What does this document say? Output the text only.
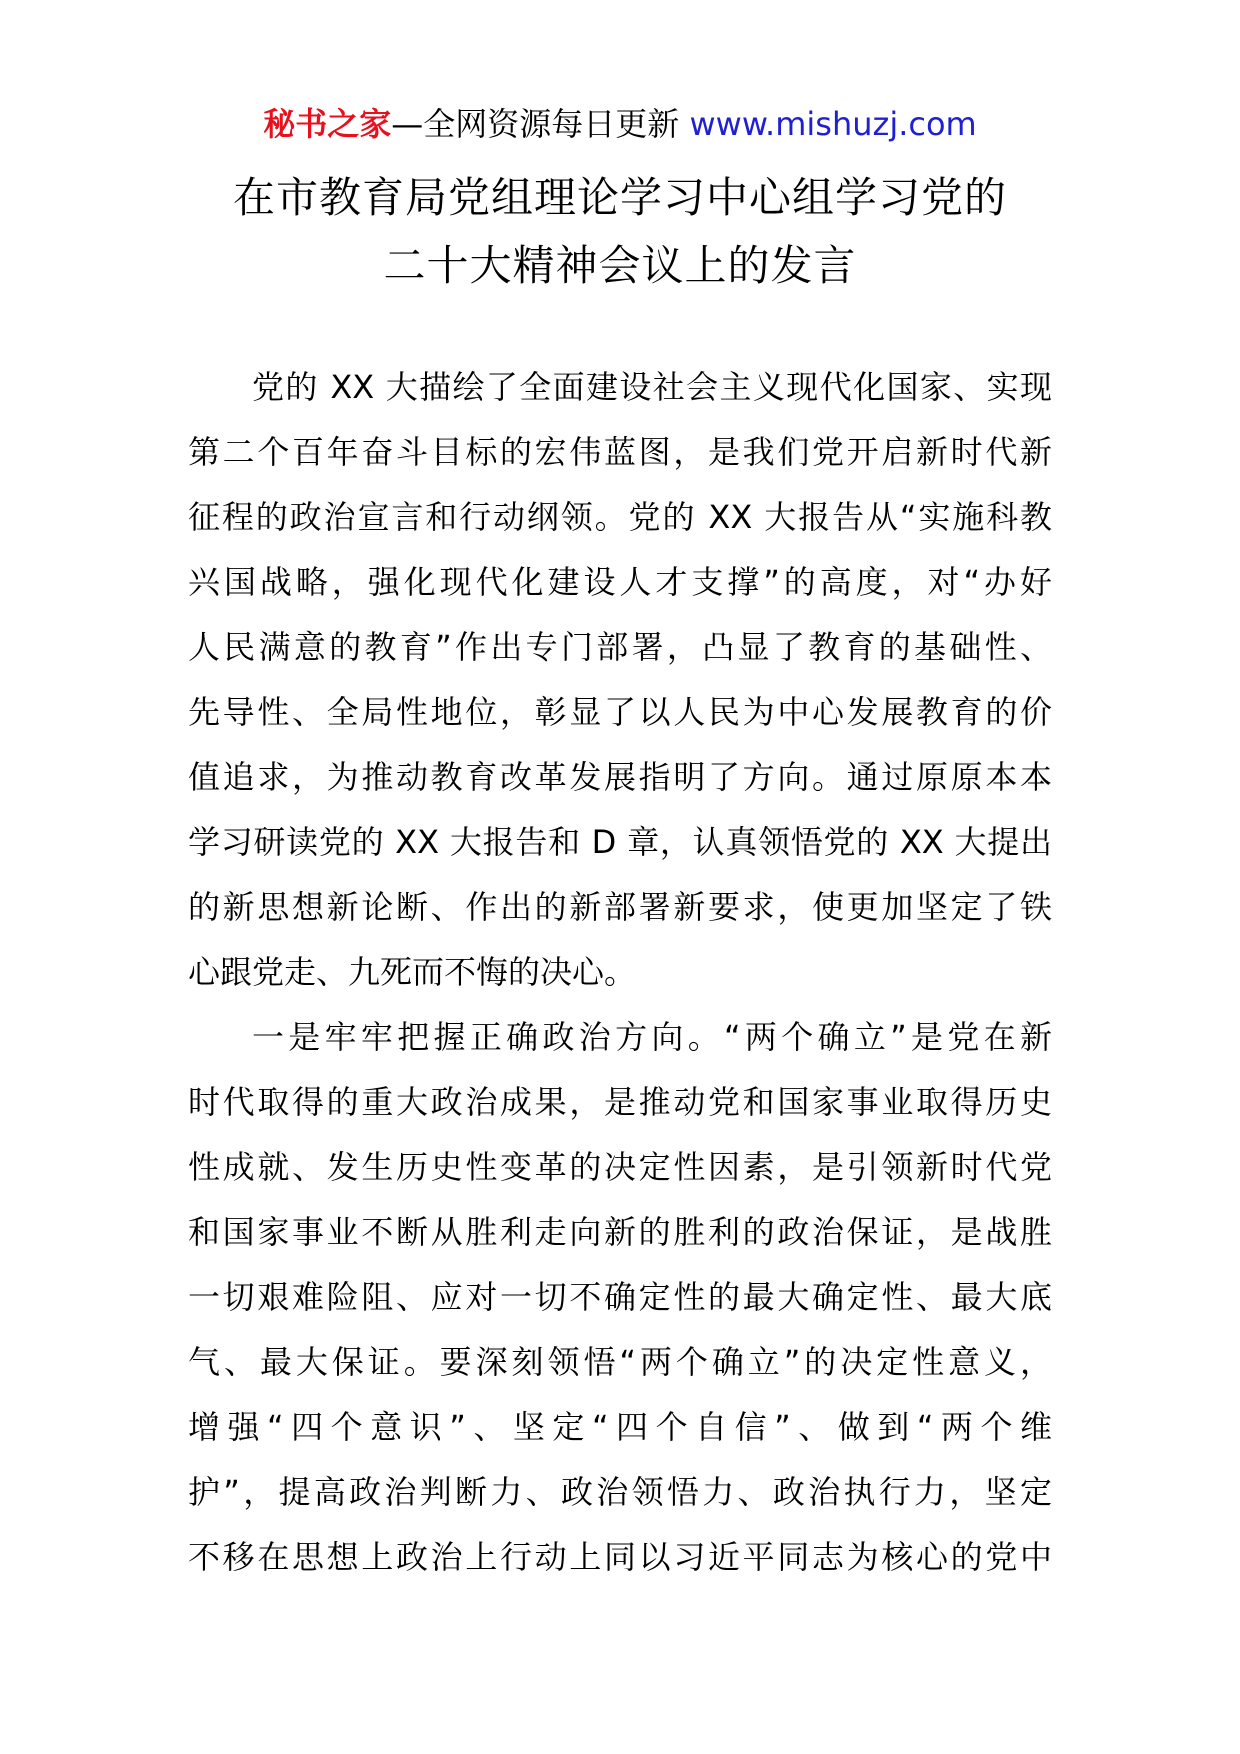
秘书之家—全网资源每日更新 www.mishuzj.com
在市教育局党组理论学习中心组学习党的
二十大精神会议上的发言
党的 XX 大描绘了全面建设社会主义现代化国家、实现
第二个百年奋斗目标的宏伟蓝图，是我们党开启新时代新
征程的政治宣言和行动纲领。党的 XX 大报告从“实施科教
兴国战略，强化现代化建设人才支撑”的高度，对“办好
人民满意的教育”作出专门部署，凸显了教育的基础性、
先导性、全局性地位，彰显了以人民为中心发展教育的价
值追求，为推动教育改革发展指明了方向。通过原原本本
学习研读党的 XX 大报告和 D 章，认真领悟党的 XX 大提出
的新思想新论断、作出的新部署新要求，使更加坚定了铁
心跟党走、九死而不悔的决心。
一是牢牢把握正确政治方向。“两个确立”是党在新
时代取得的重大政治成果，是推动党和国家事业取得历史
性成就、发生历史性变革的决定性因素，是引领新时代党
和国家事业不断从胜利走向新的胜利的政治保证，是战胜
一切艰难险阻、应对一切不确定性的最大确定性、最大底
气、最大保证。要深刻领悟“两个确立”的决定性意义，
增强“四个意识”、坚定“四个自信”、做到“两个维
护”，提高政治判断力、政治领悟力、政治执行力，坚定
不移在思想上政治上行动上同以习近平同志为核心的党中
